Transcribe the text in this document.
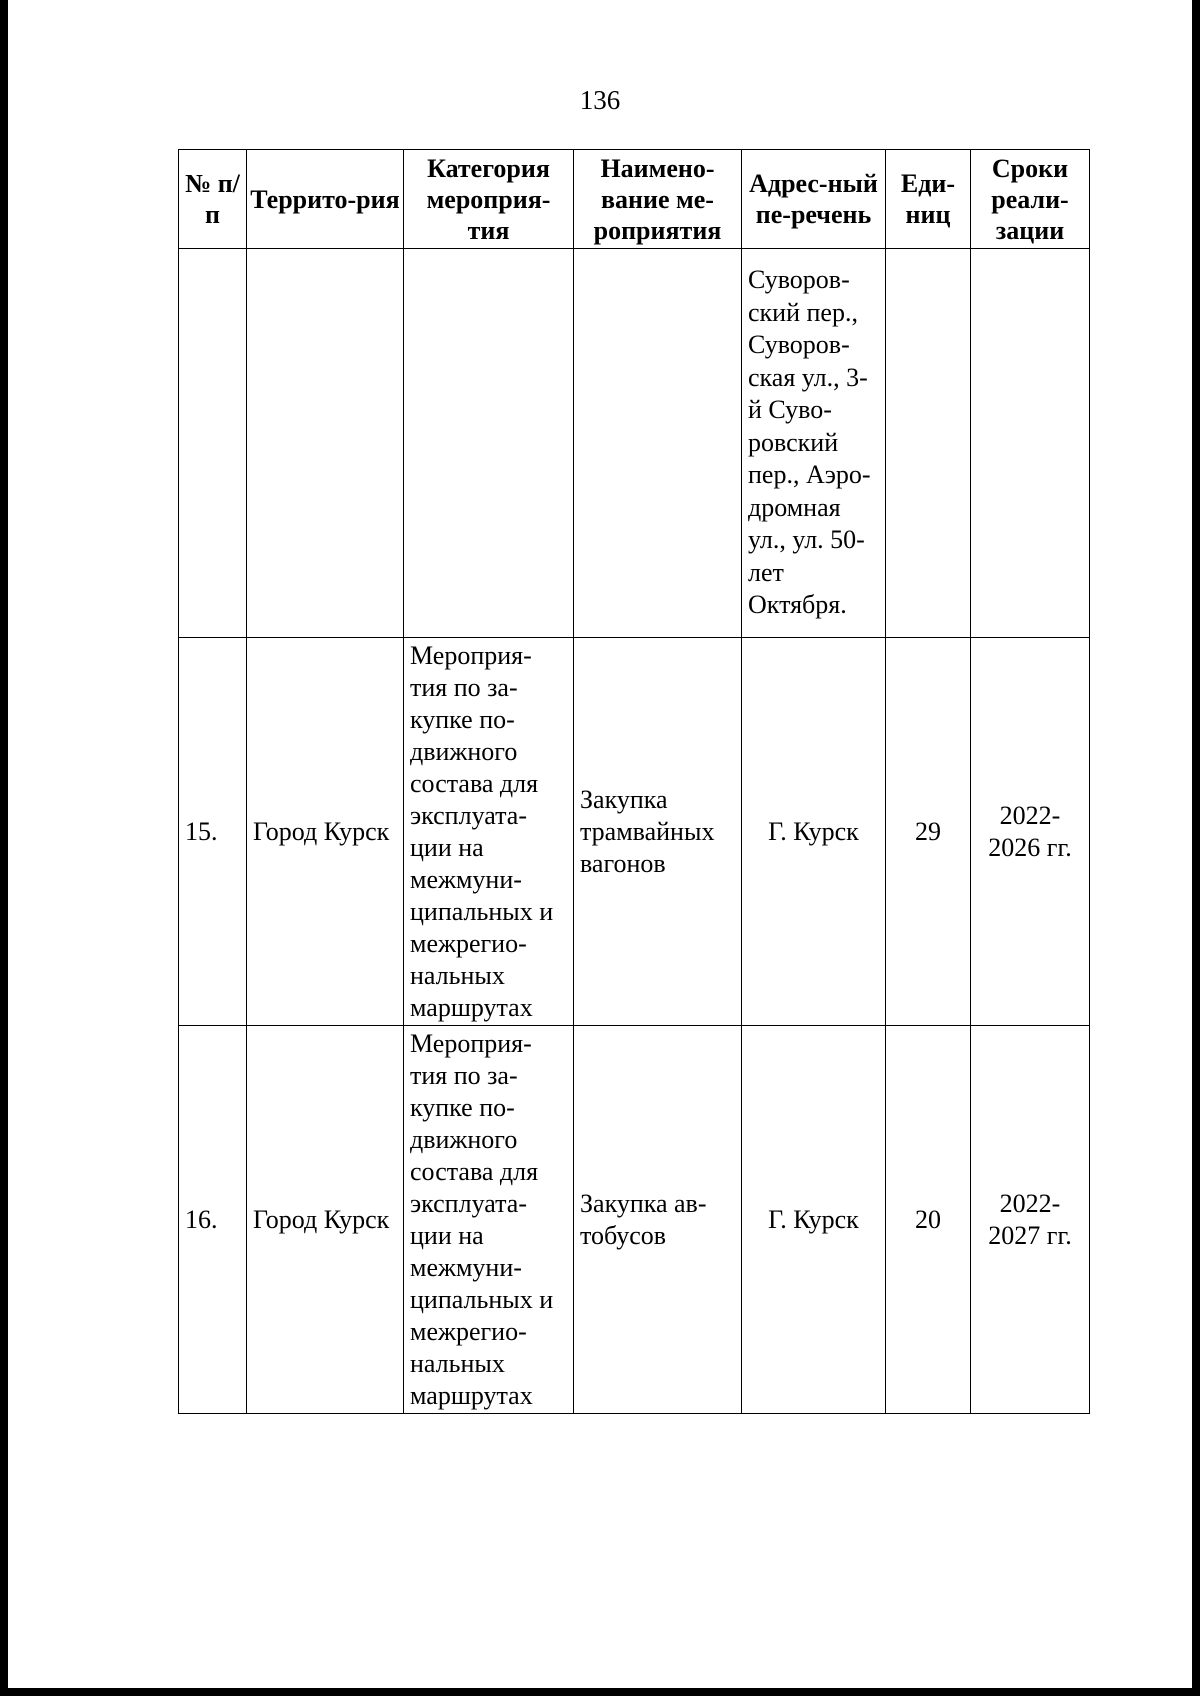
136
№ п/п	Террито-рия	Категория мероприя-тия	Наимено-вание ме-роприятия	Адрес-ный пе-речень	Еди-ниц	Сроки реали-зации
				Суворов-ский пер., Суворов-ская ул., 3-й Суво-ровский пер., Аэро-дромная ул., ул. 50-лет Октября.		
15.	Город Курск	Мероприя-тия по за-купке по-движного состава для эксплуата-ции на межмуни-ципальных и межрегио-нальных маршрутах	Закупка трамвайных вагонов	Г. Курск	29	2022-2026 гг.
16.	Город Курск	Мероприя-тия по за-купке по-движного состава для эксплуата-ции на межмуни-ципальных и межрегио-нальных маршрутах	Закупка ав-тобусов	Г. Курск	20	2022-2027 гг.
